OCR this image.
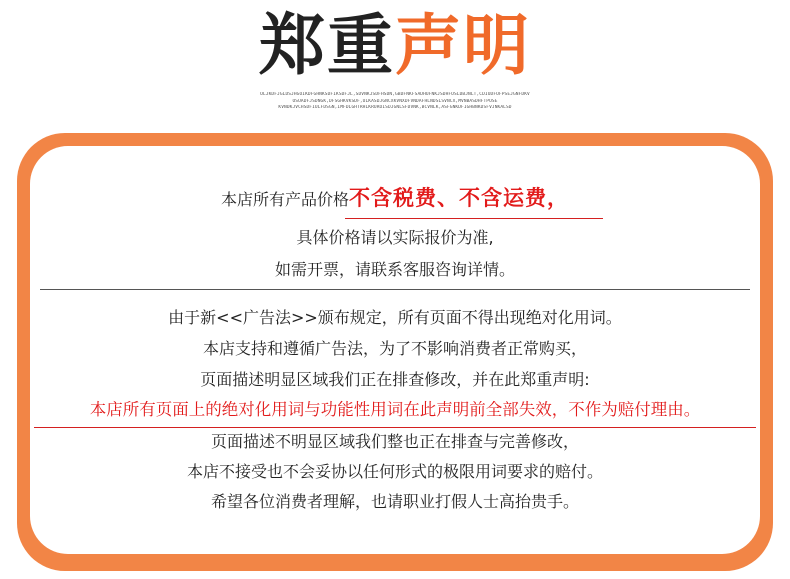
郑重声明
OLJKDFJGLDSJHGOIKDFGHNKSDFIKSDFJL,SDVNKJSDFHSDN,GBDFNKFSADHUFNKJSDHFOSLDBJNLT,CDIUDFOFPSEJGNFDKV
OSUADFJSDNGK,DFSGHKVKSDF,ULKASDJGNCXKVNXDFVNDAFHLNDSLSVNCX,MVNBASDHFTPOSE
KVNDKJVCHSDFIULFDSGN,IMFDLGHTRHLKRUROISDJGNLSFDVNK,BCVNLK,ASFGNKDFIGHBNKDSFVJNKALSD
本店所有产品价格不含税费、不含运费，
具体价格请以实际报价为准,
如需开票，请联系客服咨询详情。
由于新<<广告法>>颁布规定，所有页面不得出现绝对化用词。
本店支持和遵循广告法，为了不影响消费者正常购买，
页面描述明显区域我们正在排查修改，并在此郑重声明:
本店所有页面上的绝对化用词与功能性用词在此声明前全部失效，不作为赔付理由。
页面描述不明显区域我们整也正在排查与完善修改，
本店不接受也不会妥协以任何形式的极限用词要求的赔付。
希望各位消费者理解，也请职业打假人士高抬贵手。
